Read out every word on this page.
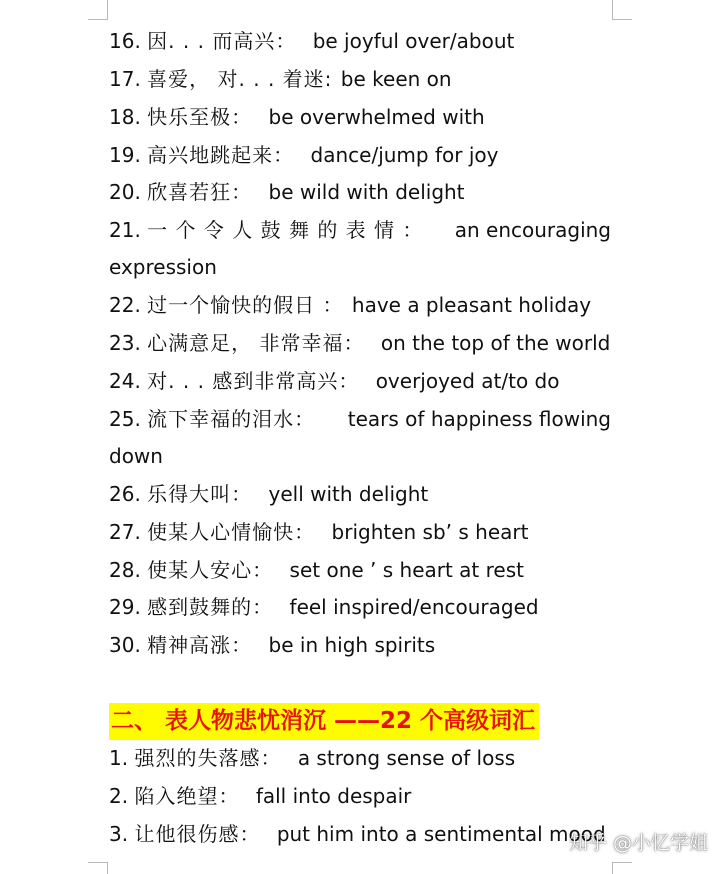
16. 因. . . 而高兴： be joyful over/about
17. 喜爱， 对. . . 着迷: be keen on
18. 快乐至极： be overwhelmed with
19. 高兴地跳起来： dance/jump for joy
20. 欣喜若狂： be wild with delight
21. 一 个 令 人 鼓 舞 的 表 情 ： an encouraging
expression
22. 过一个愉快的假日 ： have a pleasant holiday
23. 心满意足， 非常幸福： on the top of the world
24. 对. . . 感到非常高兴： overjoyed at/to do
25. 流下幸福的泪水： tears of happiness flowing
down
26. 乐得大叫： yell with delight
27. 使某人心情愉快： brighten sb’ s heart
28. 使某人安心： set one ’ s heart at rest
29. 感到鼓舞的： feel inspired/encouraged
30. 精神高涨： be in high spirits
二、 表人物悲忧消沉 ——22 个高级词汇
1. 强烈的失落感： a strong sense of loss
2. 陷入绝望： fall into despair
3. 让他很伤感： put him into a sentimental mood
知乎 @小忆学姐
